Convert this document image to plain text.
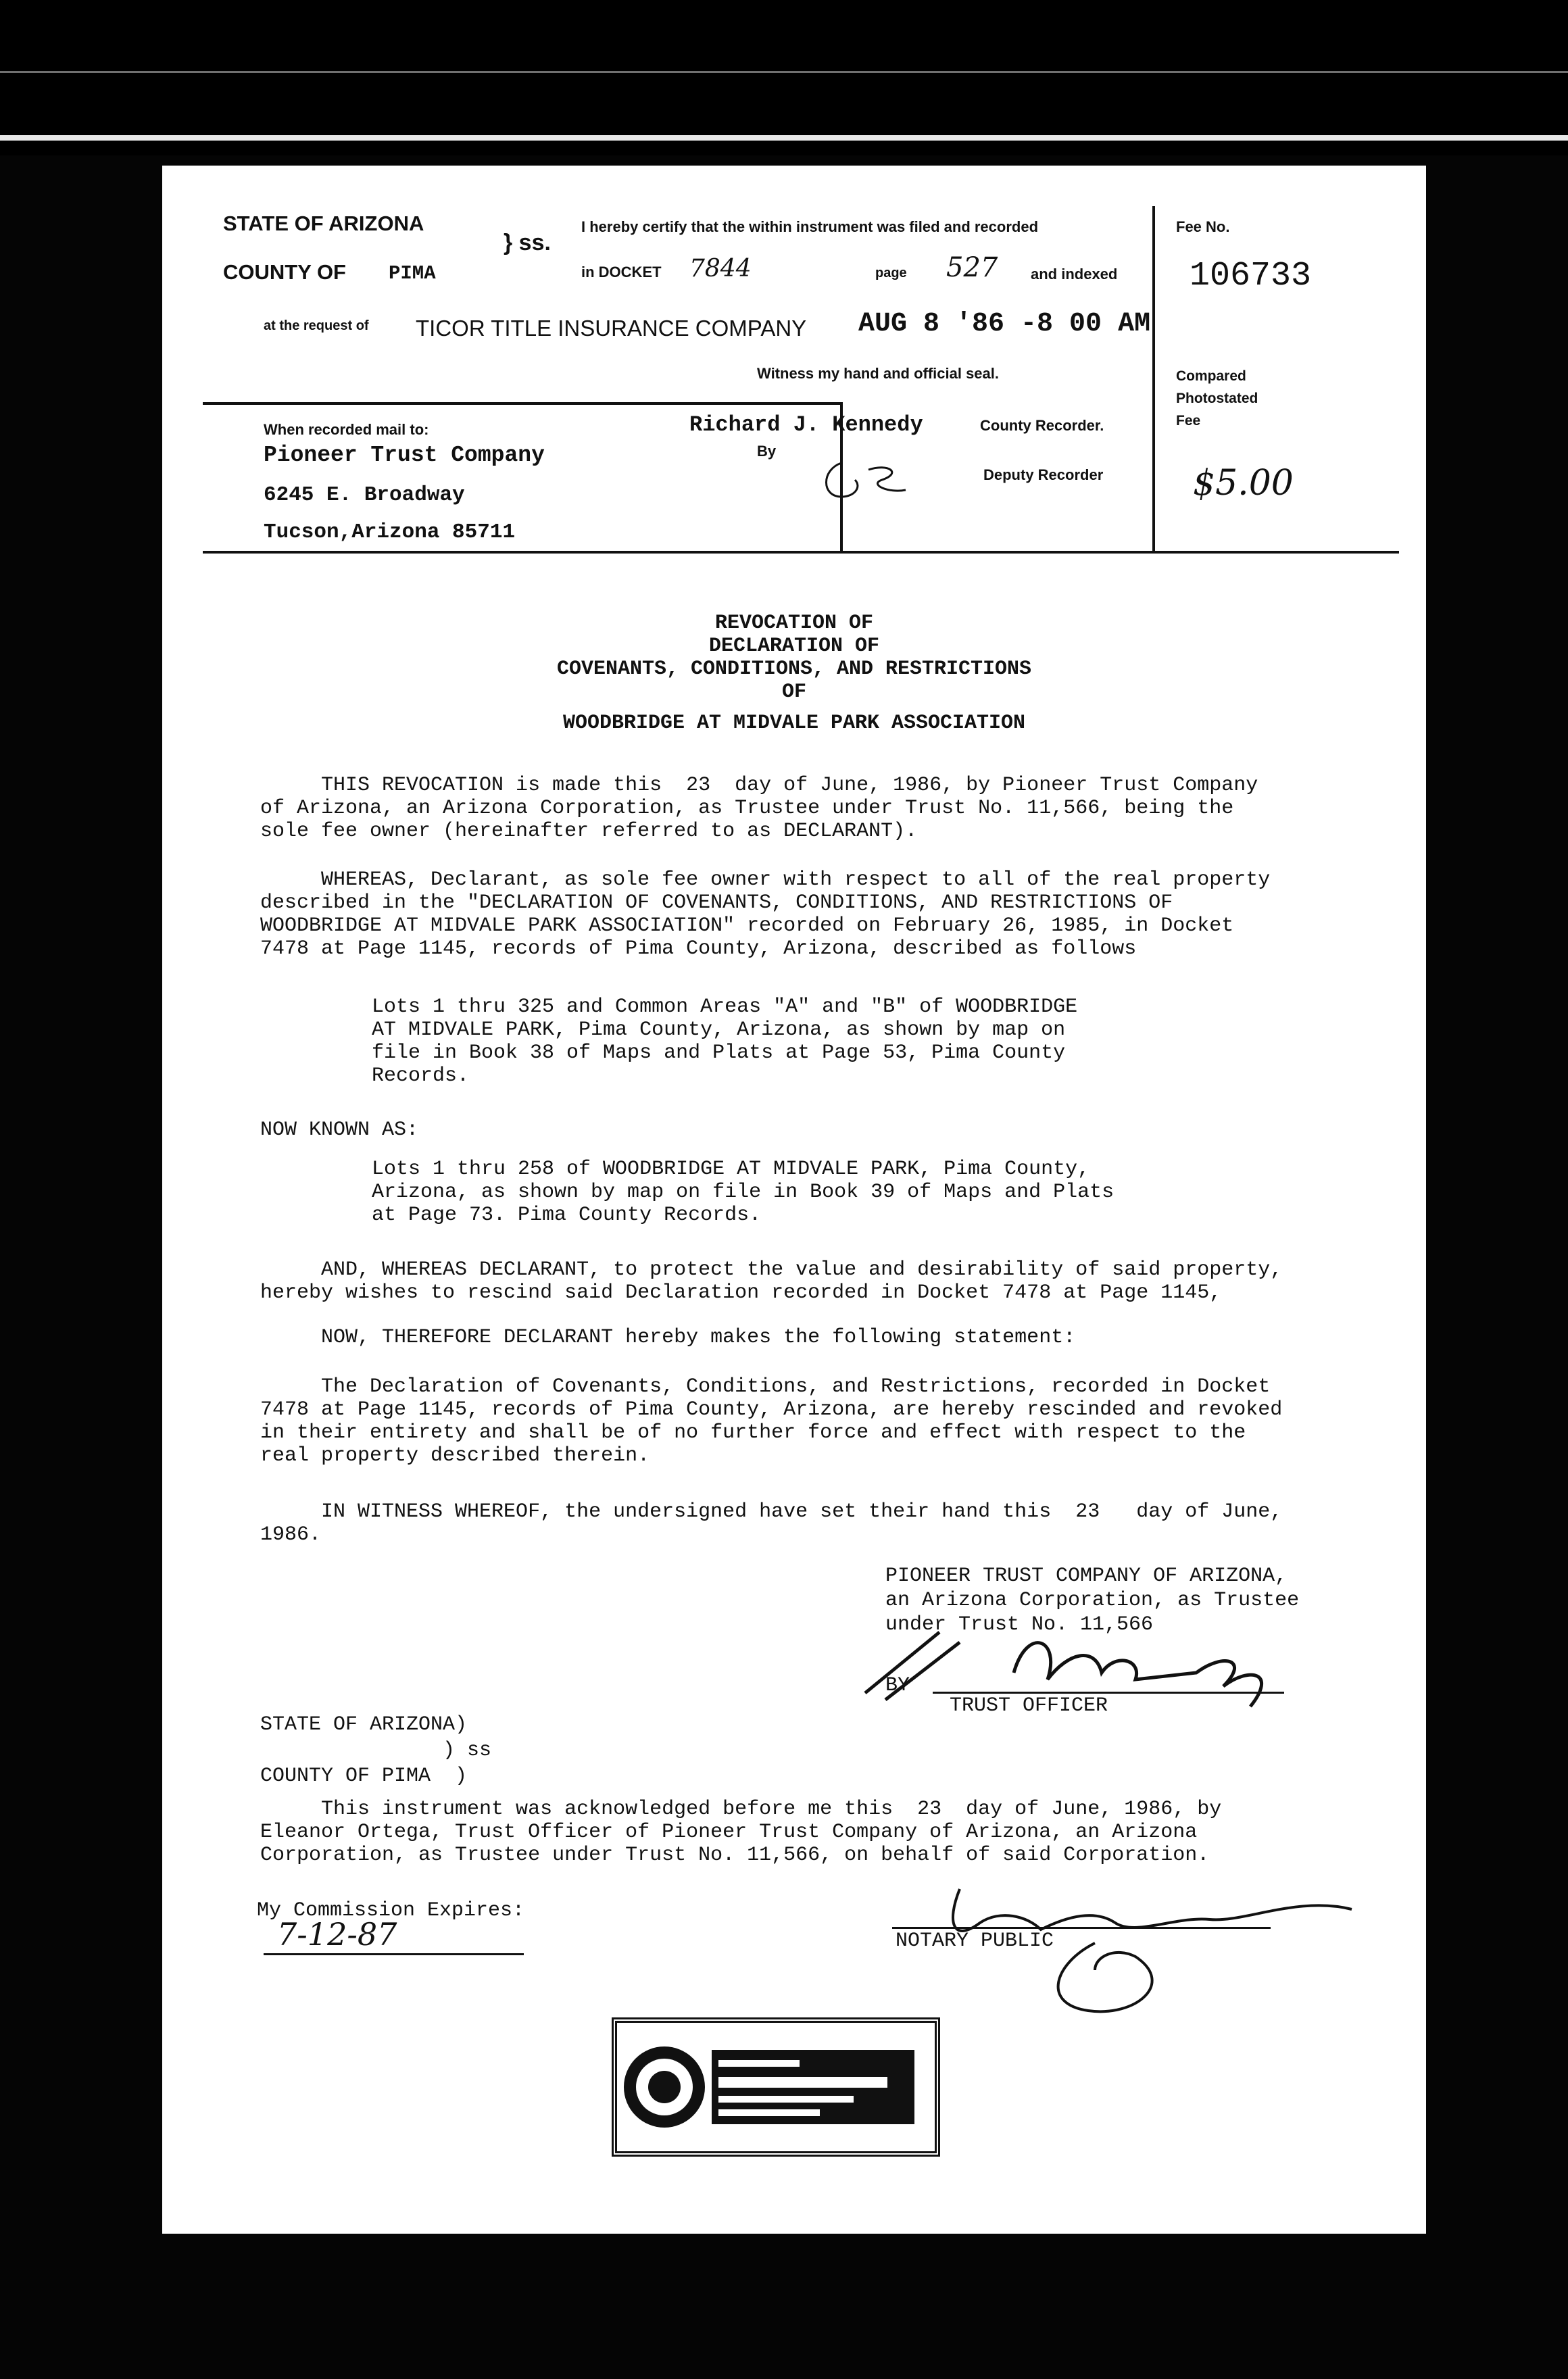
STATE OF ARIZONA
COUNTY OF PIMA
} ss.
I hereby certify that the within instrument was filed and recorded
in DOCKET 7844	page 527 and indexed
at the request of TICOR TITLE INSURANCE COMPANY AUG 8 '86 -8 00 AM
Witness my hand and official seal.
Fee No.
106733
Compared
Photostated
Fee
$5.00
When recorded mail to:
Pioneer Trust Company
6245 E. Broadway
Tucson,Arizona 85711
Richard J. Kennedy	County Recorder.
By
Deputy Recorder
REVOCATION OF
DECLARATION OF
COVENANTS, CONDITIONS, AND RESTRICTIONS
OF
WOODBRIDGE AT MIDVALE PARK ASSOCIATION
THIS REVOCATION is made this  23  day of June, 1986, by Pioneer Trust Company
of Arizona, an Arizona Corporation, as Trustee under Trust No. 11,566, being the
sole fee owner (hereinafter referred to as DECLARANT).
WHEREAS, Declarant, as sole fee owner with respect to all of the real property
described in the "DECLARATION OF COVENANTS, CONDITIONS, AND RESTRICTIONS OF
WOODBRIDGE AT MIDVALE PARK ASSOCIATION" recorded on February 26, 1985, in Docket
7478 at Page 1145, records of Pima County, Arizona, described as follows
Lots 1 thru 325 and Common Areas "A" and "B" of WOODBRIDGE
AT MIDVALE PARK, Pima County, Arizona, as shown by map on
file in Book 38 of Maps and Plats at Page 53, Pima County
Records.
NOW KNOWN AS:
Lots 1 thru 258 of WOODBRIDGE AT MIDVALE PARK, Pima County,
Arizona, as shown by map on file in Book 39 of Maps and Plats
at Page 73. Pima County Records.
AND, WHEREAS DECLARANT, to protect the value and desirability of said property,
hereby wishes to rescind said Declaration recorded in Docket 7478 at Page 1145,
NOW, THEREFORE DECLARANT hereby makes the following statement:
The Declaration of Covenants, Conditions, and Restrictions, recorded in Docket
7478 at Page 1145, records of Pima County, Arizona, are hereby rescinded and revoked
in their entirety and shall be of no further force and effect with respect to the
real property described therein.
IN WITNESS WHEREOF, the undersigned have set their hand this  23   day of June,
1986.
PIONEER TRUST COMPANY OF ARIZONA,
an Arizona Corporation, as Trustee
under Trust No. 11,566
BY
TRUST OFFICER
STATE OF ARIZONA)
) ss
COUNTY OF PIMA  )
This instrument was acknowledged before me this  23  day of June, 1986, by
Eleanor Ortega, Trust Officer of Pioneer Trust Company of Arizona, an Arizona
Corporation, as Trustee under Trust No. 11,566, on behalf of said Corporation.
My Commission Expires:
7-12-87	NOTARY PUBLIC
7844
527
